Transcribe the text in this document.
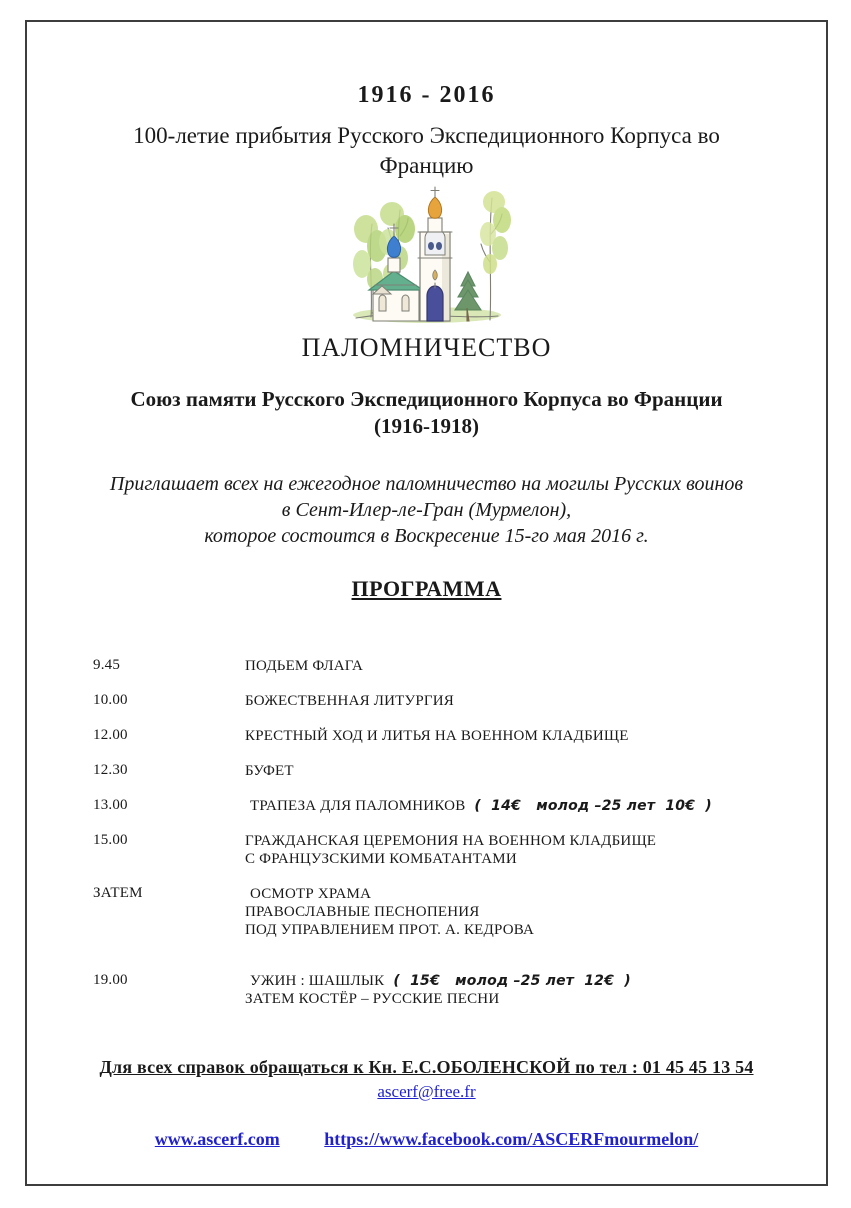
1916 - 2016
100-летие прибытия Русского Экспедиционного Корпуса во
Францию
ПАЛОМНИЧЕСТВО
Союз памяти Русского Экспедиционного Корпуса во Франции
(1916-1918)
Приглашает всех на ежегодное паломничество на могилы Русских воинов
в Сент-Илер-ле-Гран (Мурмелон),
которое состоится в Воскресение 15-го мая 2016 г.
ПРОГРАММА
9.45	ПОДЬЕМ ФЛАГА
10.00	БОЖЕСТВЕННАЯ ЛИТУРГИЯ
12.00	КРЕСТНЫЙ ХОД И ЛИТЬЯ НА ВОЕННОМ КЛАДБИЩЕ
12.30	БУФЕТ
13.00	ТРАПЕЗА ДЛЯ ПАЛОМНИКОВ (  14€   молод –25 лет  10€  )
15.00	ГРАЖДАНСКАЯ ЦЕРЕМОНИЯ НА ВОЕННОМ КЛАДБИЩЕ
С ФРАНЦУЗСКИМИ КОМБАТАНТАМИ
ЗАТЕМ	ОСМОТР ХРАМА
ПРАВОСЛАВНЫЕ ПЕСНОПЕНИЯ
ПОД УПРАВЛЕНИЕМ ПРОТ. А. КЕДРОВА
19.00	УЖИН : ШАШЛЫК (  15€   молод –25 лет  12€  )
ЗАТЕМ КОСТЁР – РУССКИЕ ПЕСНИ
Для всех справок обращаться к Кн. Е.С.ОБОЛЕНСКОЙ по тел : 01 45 45 13 54
ascerf@free.fr
www.ascerf.com https://www.facebook.com/ASCERFmourmelon/
